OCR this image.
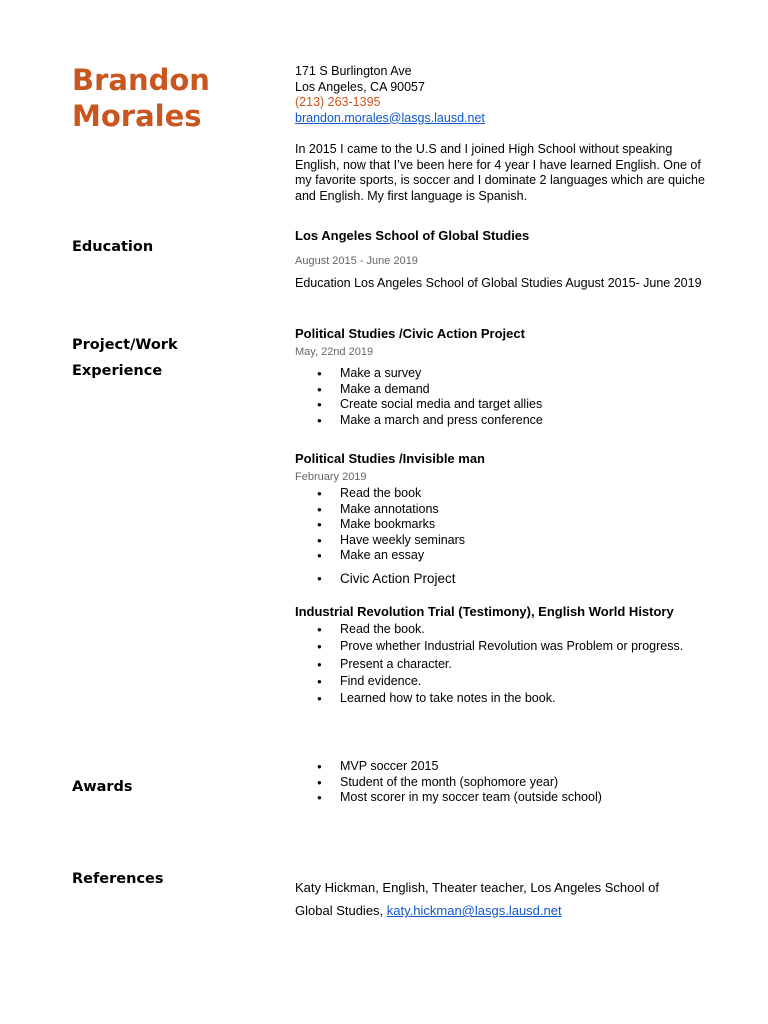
Brandon
Morales
171 S Burlington Ave
Los Angeles, CA 90057
(213) 263-1395
brandon.morales@lasgs.lausd.net
In 2015 I came to the U.S and I joined High School without speaking English, now that I’ve been here for 4 year I have learned English. One of my favorite sports, is soccer and I dominate 2 languages which are quiche and English. My first language is Spanish.
Education
Los Angeles School of Global Studies
August 2015 - June 2019
Education Los Angeles School of Global Studies August 2015- June 2019
Project/Work
Experience
Political Studies /Civic Action Project
May, 22nd 2019
● Make a survey
● Make a demand
● Create social media and target allies
● Make a march and press conference
Political Studies /Invisible man
February 2019
● Read the book
● Make annotations
● Make bookmarks
● Have weekly seminars
● Make an essay
● Civic Action Project
Industrial Revolution Trial (Testimony), English World History
● Read the book.
● Prove whether Industrial Revolution was Problem or progress.
● Present a character.
● Find evidence.
● Learned how to take notes in the book.
Awards
● MVP soccer 2015
● Student of the month (sophomore year)
● Most scorer in my soccer team (outside school)
References
Katy Hickman, English, Theater teacher, Los Angeles School of Global Studies, katy.hickman@lasgs.lausd.net
